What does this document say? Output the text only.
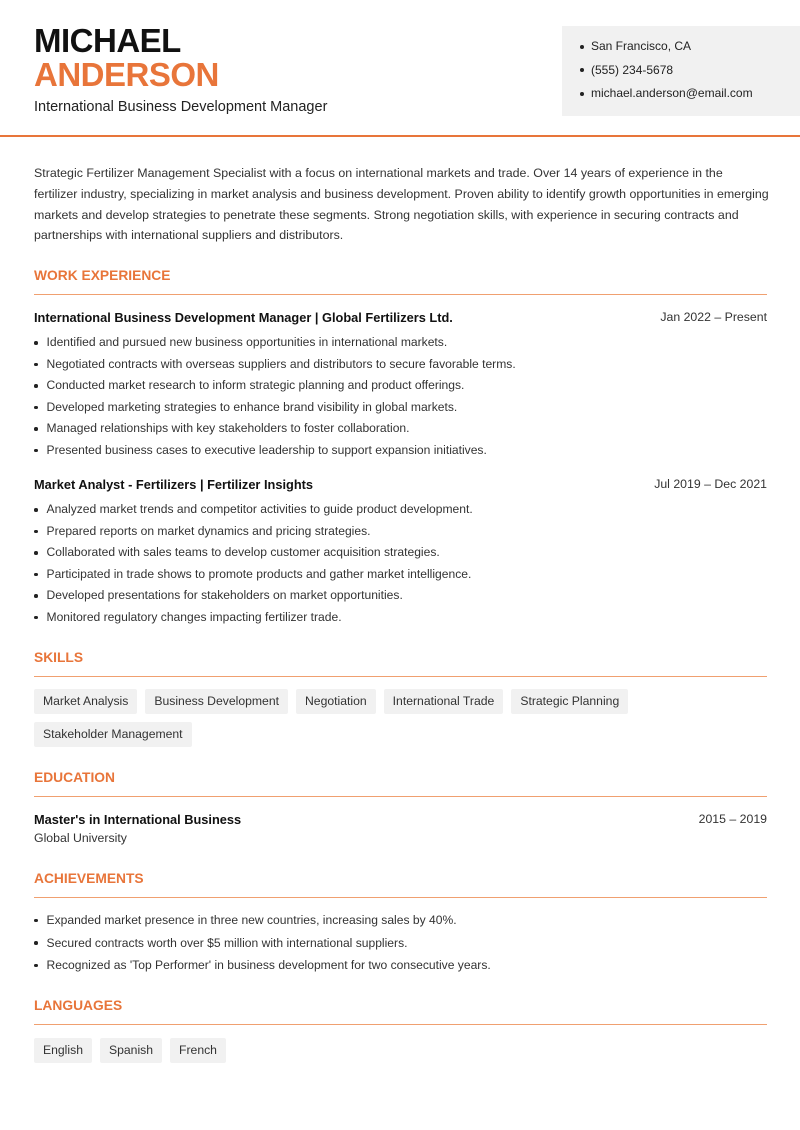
MICHAEL
ANDERSON
International Business Development Manager
San Francisco, CA
(555) 234-5678
michael.anderson@email.com

Strategic Fertilizer Management Specialist with a focus on international markets and trade. Over 14 years of experience in the fertilizer industry, specializing in market analysis and business development. Proven ability to identify growth opportunities in emerging markets and develop strategies to penetrate these segments. Strong negotiation skills, with experience in securing contracts and partnerships with international suppliers and distributors.

WORK EXPERIENCE
International Business Development Manager | Global Fertilizers Ltd.	Jan 2022 – Present
Identified and pursued new business opportunities in international markets.
Negotiated contracts with overseas suppliers and distributors to secure favorable terms.
Conducted market research to inform strategic planning and product offerings.
Developed marketing strategies to enhance brand visibility in global markets.
Managed relationships with key stakeholders to foster collaboration.
Presented business cases to executive leadership to support expansion initiatives.
Market Analyst - Fertilizers | Fertilizer Insights	Jul 2019 – Dec 2021
Analyzed market trends and competitor activities to guide product development.
Prepared reports on market dynamics and pricing strategies.
Collaborated with sales teams to develop customer acquisition strategies.
Participated in trade shows to promote products and gather market intelligence.
Developed presentations for stakeholders on market opportunities.
Monitored regulatory changes impacting fertilizer trade.
SKILLS
Market Analysis	Business Development	Negotiation	International Trade	Strategic Planning
Stakeholder Management
EDUCATION
Master's in International Business	2015 – 2019
Global University
ACHIEVEMENTS
Expanded market presence in three new countries, increasing sales by 40%.
Secured contracts worth over $5 million with international suppliers.
Recognized as 'Top Performer' in business development for two consecutive years.
LANGUAGES
English	Spanish	French
